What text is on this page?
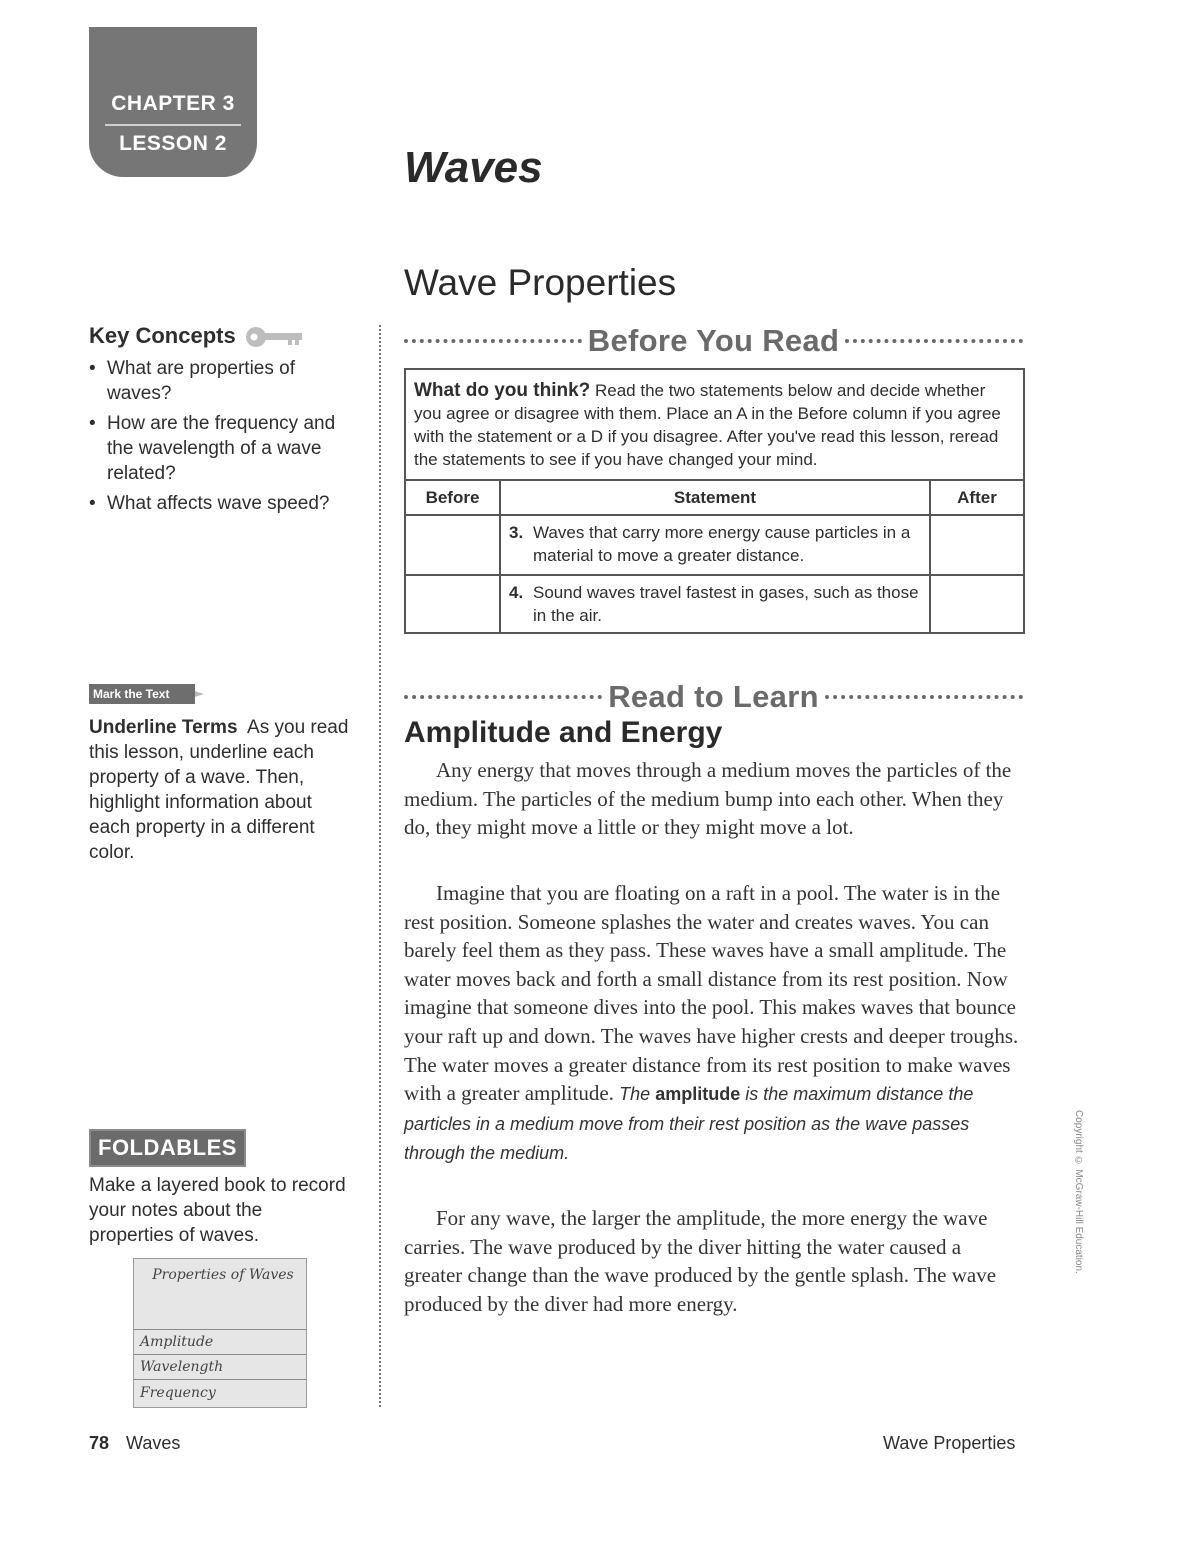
CHAPTER 3
LESSON 2	Waves
Wave Properties
Key Concepts
• What are properties of waves?
• How are the frequency and the wavelength of a wave related?
• What affects wave speed?
Mark the Text
Underline Terms As you read this lesson, underline each property of a wave. Then, highlight information about each property in a different color.
FOLDABLES
Make a layered book to record your notes about the properties of waves.
Properties of Waves
Amplitude
Wavelength
Frequency
Before You Read
What do you think? Read the two statements below and decide whether you agree or disagree with them. Place an A in the Before column if you agree with the statement or a D if you disagree. After you've read this lesson, reread the statements to see if you have changed your mind.
Before	Statement	After

	3. Waves that carry more energy cause particles in a material to move a greater distance.	

	4. Sound waves travel fastest in gases, such as those in the air.	

Read to Learn
Amplitude and Energy

Any energy that moves through a medium moves the particles of the medium. The particles of the medium bump into each other. When they do, they might move a little or they might move a lot.

Imagine that you are floating on a raft in a pool. The water is in the rest position. Someone splashes the water and creates waves. You can barely feel them as they pass. These waves have a small amplitude. The water moves back and forth a small distance from its rest position. Now imagine that someone dives into the pool. This makes waves that bounce your raft up and down. The waves have higher crests and deeper troughs. The water moves a greater distance from its rest position to make waves with a greater amplitude. The amplitude is the maximum distance the particles in a medium move from their rest position as the wave passes through the medium.

For any wave, the larger the amplitude, the more energy the wave carries. The wave produced by the diver hitting the water caused a greater change than the wave produced by the gentle splash. The wave produced by the diver had more energy.

Copyright © McGraw-Hill Education.
78 Waves	Wave Properties
